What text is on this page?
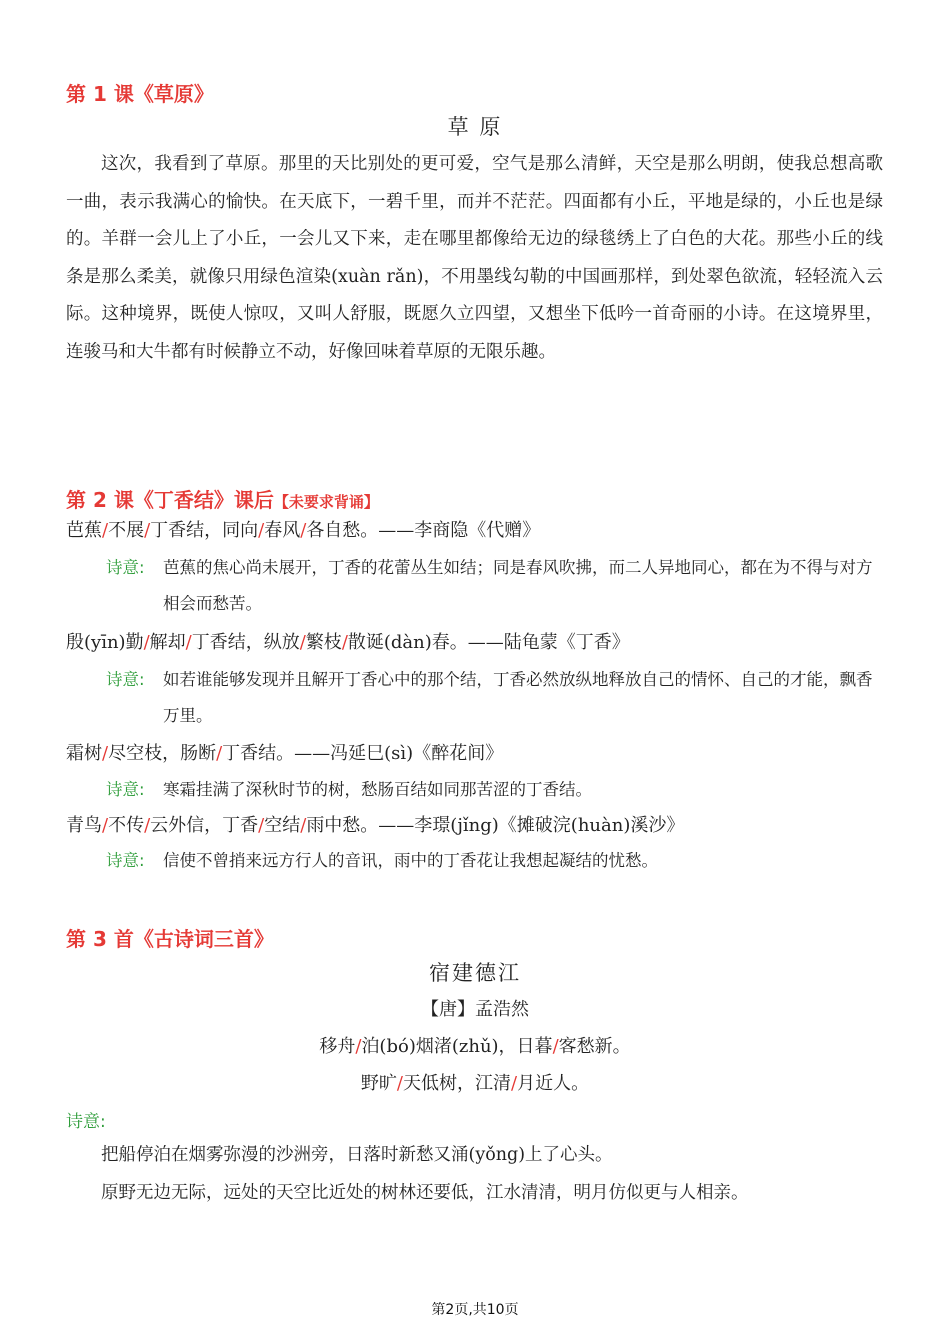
第 1 课《草原》
草 原

这次，我看到了草原。那里的天比别处的更可爱，空气是那么清鲜，天空是那么明朗，使我总想高歌一曲，表示我满心的愉快。在天底下，一碧千里，而并不茫茫。四面都有小丘，平地是绿的，小丘也是绿的。羊群一会儿上了小丘，一会儿又下来，走在哪里都像给无边的绿毯绣上了白色的大花。那些小丘的线条是那么柔美，就像只用绿色渲染(xuàn rǎn)，不用墨线勾勒的中国画那样，到处翠色欲流，轻轻流入云际。这种境界，既使人惊叹，又叫人舒服，既愿久立四望，又想坐下低吟一首奇丽的小诗。在这境界里，连骏马和大牛都有时候静立不动，好像回味着草原的无限乐趣。

第 2 课《丁香结》课后【未要求背诵】
芭蕉/不展/丁香结，同向/春风/各自愁。——李商隐《代赠》
诗意: 芭蕉的焦心尚未展开，丁香的花蕾丛生如结；同是春风吹拂，而二人异地同心，都在为不得与对方相会而愁苦。
殷(yīn)勤/解却/丁香结，纵放/繁枝/散诞(dàn)春。——陆龟蒙《丁香》
诗意: 如若谁能够发现并且解开丁香心中的那个结，丁香必然放纵地释放自己的情怀、自己的才能，飘香万里。
霜树/尽空枝，肠断/丁香结。——冯延巳(sì)《醉花间》
诗意: 寒霜挂满了深秋时节的树，愁肠百结如同那苦涩的丁香结。
青鸟/不传/云外信，丁香/空结/雨中愁。——李璟(jǐng)《摊破浣(huàn)溪沙》
诗意: 信使不曾捎来远方行人的音讯，雨中的丁香花让我想起凝结的忧愁。
第 3 首《古诗词三首》
宿建德江
【唐】孟浩然
移舟/泊(bó)烟渚(zhǔ)，日暮/客愁新。
野旷/天低树，江清/月近人。
诗意:

把船停泊在烟雾弥漫的沙洲旁，日落时新愁又涌(yǒng)上了心头。

原野无边无际，远处的天空比近处的树林还要低，江水清清，明月仿似更与人相亲。

第2页,共10页
